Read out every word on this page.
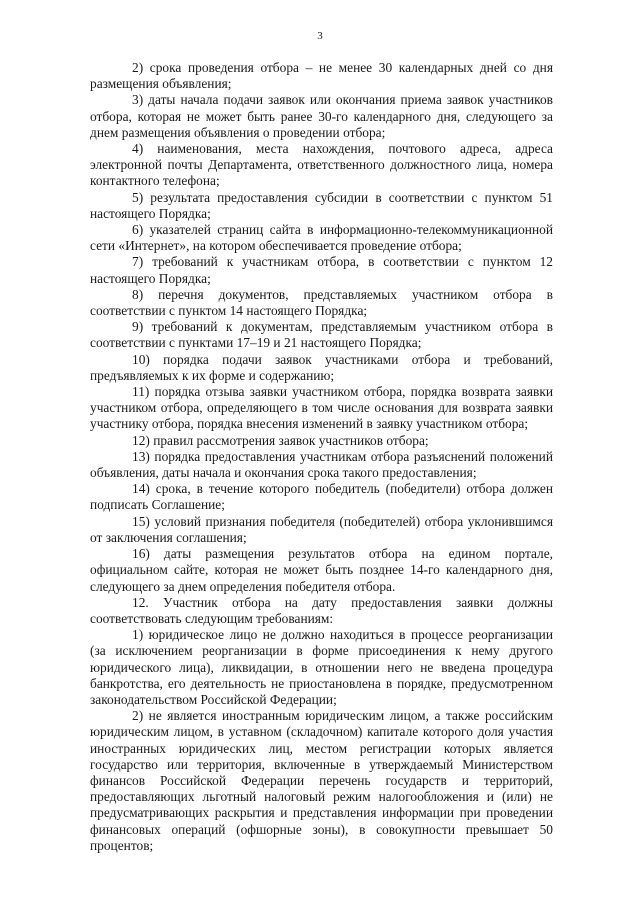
3

2) срока проведения отбора – не менее 30 календарных дней со дня размещения объявления;

3) даты начала подачи заявок или окончания приема заявок участников отбора, которая не может быть ранее 30-го календарного дня, следующего за днем размещения объявления о проведении отбора;

4) наименования, места нахождения, почтового адреса, адреса электронной почты Департамента, ответственного должностного лица, номера контактного телефона;

5) результата предоставления субсидии в соответствии с пунктом 51 настоящего Порядка;

6) указателей страниц сайта в информационно-телекоммуникационной сети «Интернет», на котором обеспечивается проведение отбора;

7) требований к участникам отбора, в соответствии с пунктом 12 настоящего Порядка;

8) перечня документов, представляемых участником отбора в соответствии с пунктом 14 настоящего Порядка;

9) требований к документам, представляемым участником отбора в соответствии с пунктами 17–19 и 21 настоящего Порядка;

10) порядка подачи заявок участниками отбора и требований, предъявляемых к их форме и содержанию;

11) порядка отзыва заявки участником отбора, порядка возврата заявки участником отбора, определяющего в том числе основания для возврата заявки участнику отбора, порядка внесения изменений в заявку участником отбора;

12) правил рассмотрения заявок участников отбора;

13) порядка предоставления участникам отбора разъяснений положений объявления, даты начала и окончания срока такого предоставления;

14) срока, в течение которого победитель (победители) отбора должен подписать Соглашение;

15) условий признания победителя (победителей) отбора уклонившимся от заключения соглашения;

16) даты размещения результатов отбора на едином портале, официальном сайте, которая не может быть позднее 14-го календарного дня, следующего за днем определения победителя отбора.

12. Участник отбора на дату предоставления заявки должны соответствовать следующим требованиям:

1) юридическое лицо не должно находиться в процессе реорганизации (за исключением реорганизации в форме присоединения к нему другого юридического лица), ликвидации, в отношении него не введена процедура банкротства, его деятельность не приостановлена в порядке, предусмотренном законодательством Российской Федерации;

2) не является иностранным юридическим лицом, а также российским юридическим лицом, в уставном (складочном) капитале которого доля участия иностранных юридических лиц, местом регистрации которых является государство или территория, включенные в утверждаемый Министерством финансов Российской Федерации перечень государств и территорий, предоставляющих льготный налоговый режим налогообложения и (или) не предусматривающих раскрытия и представления информации при проведении финансовых операций (офшорные зоны), в совокупности превышает 50 процентов;
